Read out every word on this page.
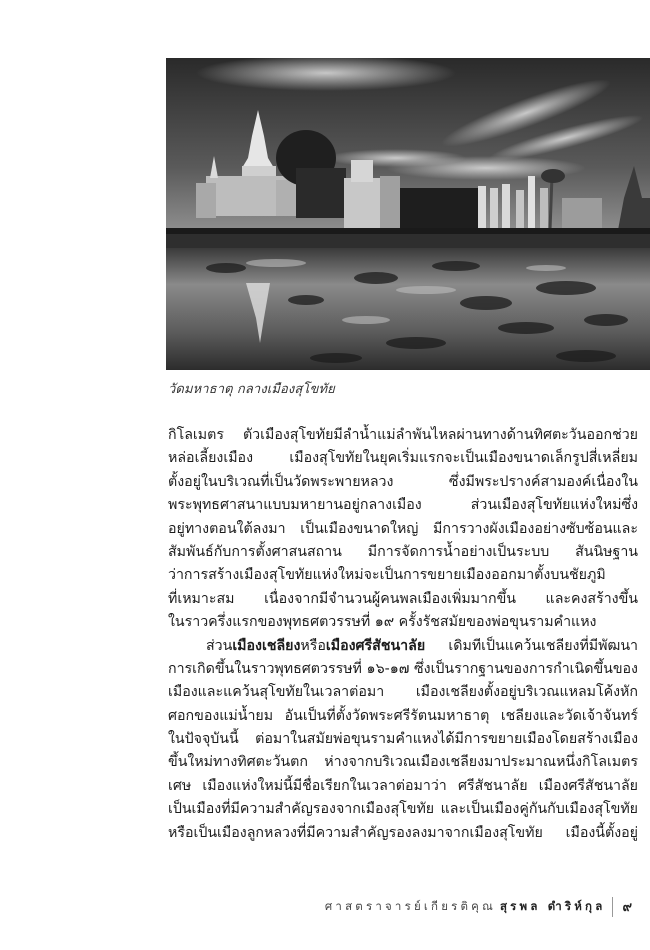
วัดมหาธาตุ กลางเมืองสุโขทัย
กิโลเมตร ตัวเมืองสุโขทัยมีลำน้ำแม่ลำพันไหลผ่านทางด้านทิศตะวันออกช่วย
หล่อเลี้ยงเมือง เมืองสุโขทัยในยุคเริ่มแรกจะเป็นเมืองขนาดเล็กรูปสี่เหลี่ยม
ตั้งอยู่ในบริเวณที่เป็นวัดพระพายหลวง ซึ่งมีพระปรางค์สามองค์เนื่องใน
พระพุทธศาสนาแบบมหายานอยู่กลางเมือง ส่วนเมืองสุโขทัยแห่งใหม่ซึ่ง
อยู่ทางตอนใต้ลงมา เป็นเมืองขนาดใหญ่ มีการวางผังเมืองอย่างซับซ้อนและ
สัมพันธ์กับการตั้งศาสนสถาน มีการจัดการน้ำอย่างเป็นระบบ สันนิษฐาน
ว่าการสร้างเมืองสุโขทัยแห่งใหม่จะเป็นการขยายเมืองออกมาตั้งบนชัยภูมิ
ที่เหมาะสม เนื่องจากมีจำนวนผู้คนพลเมืองเพิ่มมากขึ้น และคงสร้างขึ้น
ในราวครึ่งแรกของพุทธศตวรรษที่ ๑๙ ครั้งรัชสมัยของพ่อขุนรามคำแหง
ส่วนเมืองเชลียงหรือเมืองศรีสัชนาลัย เดิมทีเป็นแคว้นเชลียงที่มีพัฒนา
การเกิดขึ้นในราวพุทธศตวรรษที่ ๑๖-๑๗ ซึ่งเป็นรากฐานของการกำเนิดขึ้นของ
เมืองและแคว้นสุโขทัยในเวลาต่อมา เมืองเชลียงตั้งอยู่บริเวณแหลมโค้งหัก
ศอกของแม่น้ำยม อันเป็นที่ตั้งวัดพระศรีรัตนมหาธาตุ เชลียงและวัดเจ้าจันทร์
ในปัจจุบันนี้ ต่อมาในสมัยพ่อขุนรามคำแหงได้มีการขยายเมืองโดยสร้างเมือง
ขึ้นใหม่ทางทิศตะวันตก ห่างจากบริเวณเมืองเชลียงมาประมาณหนึ่งกิโลเมตร
เศษ เมืองแห่งใหม่นี้มีชื่อเรียกในเวลาต่อมาว่า ศรีสัชนาลัย เมืองศรีสัชนาลัย
เป็นเมืองที่มีความสำคัญรองจากเมืองสุโขทัย และเป็นเมืองคู่กันกับเมืองสุโขทัย
หรือเป็นเมืองลูกหลวงที่มีความสำคัญรองลงมาจากเมืองสุโขทัย เมืองนี้ตั้งอยู่
ศาสตราจารย์เกียรติคุณ สุรพล ดำริห์กุล ๙
